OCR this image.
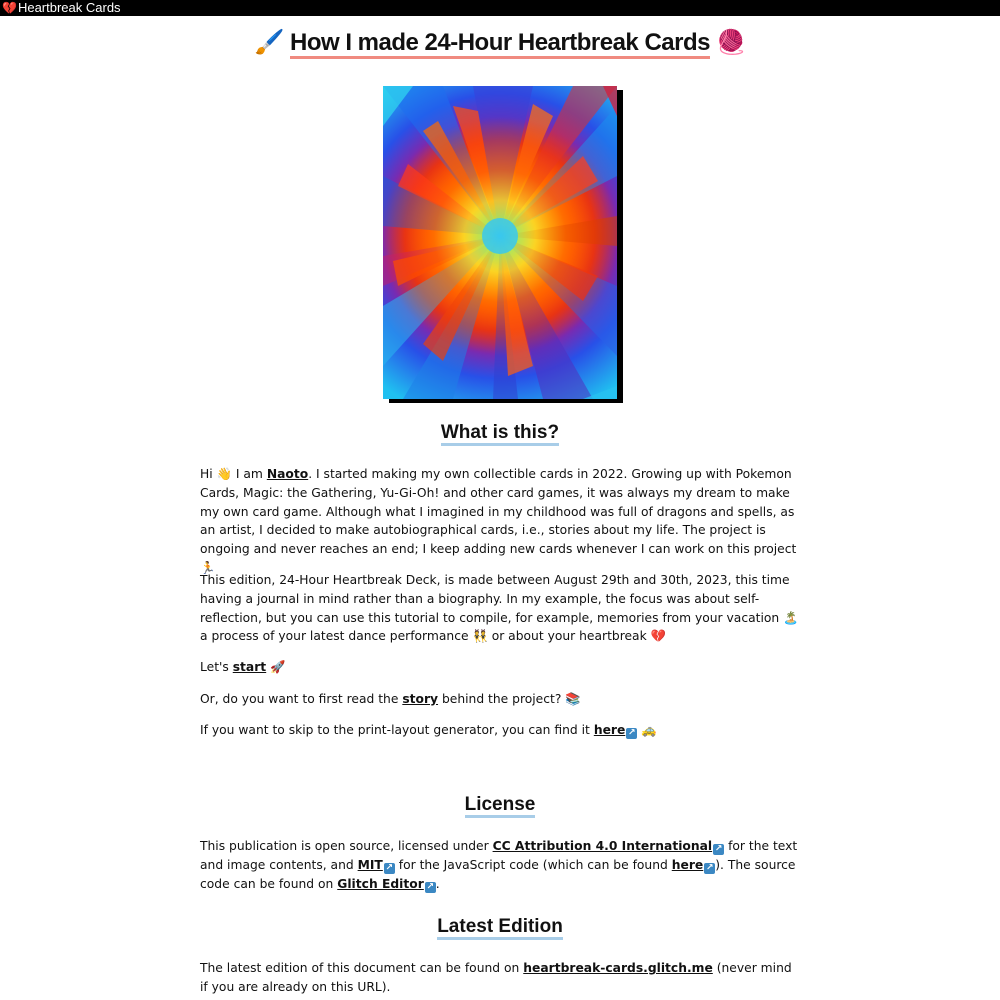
💔 Heartbreak Cards
🖌️ How I made 24-Hour Heartbreak Cards 🧶
What is this?

Hi 👋 I am Naoto. I started making my own collectible cards in 2022. Growing up with Pokemon Cards, Magic: the Gathering, Yu-Gi-Oh! and other card games, it was always my dream to make my own card game. Although what I imagined in my childhood was full of dragons and spells, as an artist, I decided to make autobiographical cards, i.e., stories about my life. The project is ongoing and never reaches an end; I keep adding new cards whenever I can work on this project 🏃

This edition, 24-Hour Heartbreak Deck, is made between August 29th and 30th, 2023, this time having a journal in mind rather than a biography. In my example, the focus was about self-reflection, but you can use this tutorial to compile, for example, memories from your vacation 🏝️ a process of your latest dance performance 👯 or about your heartbreak 💔

Let's start 🚀

Or, do you want to first read the story behind the project? 📚

If you want to skip to the print-layout generator, you can find it here ↗ 🚕

License

This publication is open source, licensed under CC Attribution 4.0 International ↗ for the text and image contents, and MIT ↗ for the JavaScript code (which can be found here ↗ ). The source code can be found on Glitch Editor ↗ .

Latest Edition

The latest edition of this document can be found on heartbreak-cards.glitch.me (never mind if you are already on this URL).
